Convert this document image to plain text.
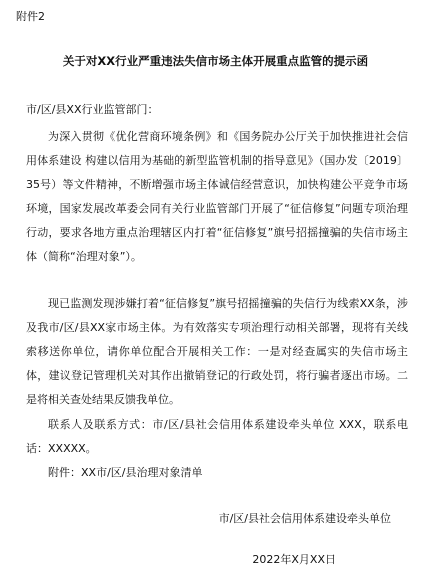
附件2
关于对XX行业严重违法失信市场主体开展重点监管的提示函
市/区/县XX行业监管部门：

为深入贯彻《优化营商环境条例》和《国务院办公厅关于加快推进社会信用体系建设 构建以信用为基础的新型监管机制的指导意见》（国办发〔2019〕35号）等文件精神，不断增强市场主体诚信经营意识，加快构建公平竞争市场环境，国家发展改革委会同有关行业监管部门开展了“征信修复”问题专项治理行动，要求各地方重点治理辖区内打着“征信修复”旗号招摇撞骗的失信市场主体（简称“治理对象”）。

现已监测发现涉嫌打着“征信修复”旗号招摇撞骗的失信行为线索XX条，涉及我市/区/县XX家市场主体。为有效落实专项治理行动相关部署，现将有关线索移送你单位，请你单位配合开展相关工作：一是对经查属实的失信市场主体，建议登记管理机关对其作出撤销登记的行政处罚，将行骗者逐出市场。二是将相关查处结果反馈我单位。

联系人及联系方式：市/区/县社会信用体系建设牵头单位 XXX，联系电话：XXXXX。

附件：XX市/区/县治理对象清单

市/区/县社会信用体系建设牵头单位
2022年X月XX日
